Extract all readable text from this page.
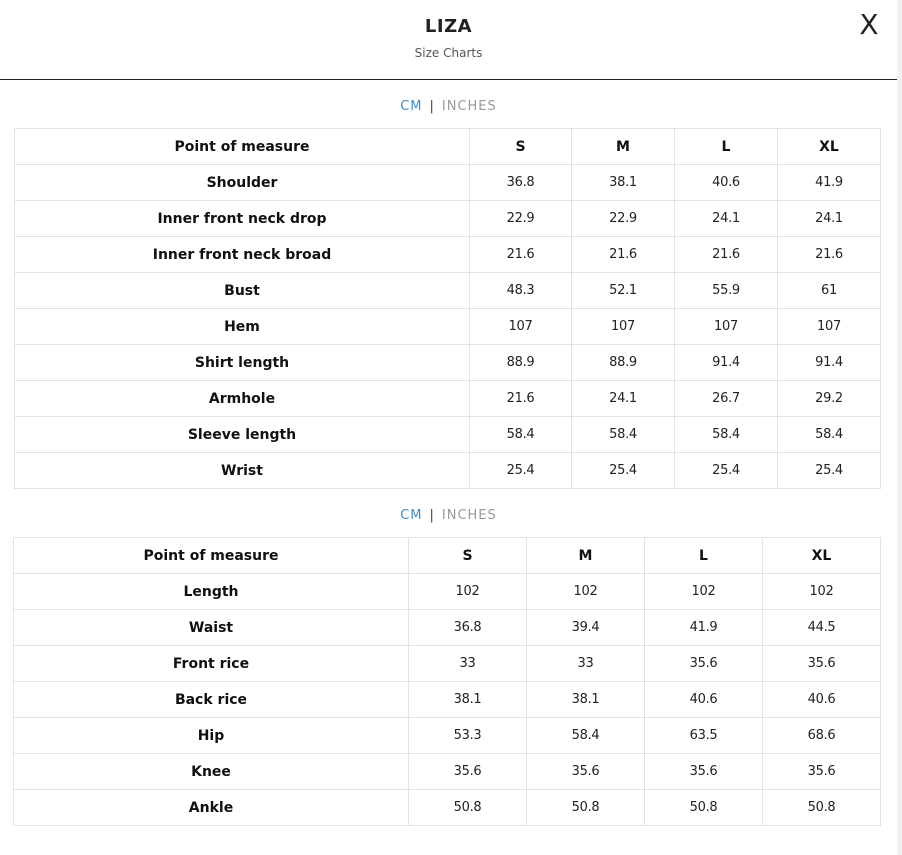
LIZA
Size Charts
X
CM | INCHES
Point of measure	S	M	L	XL
Shoulder	36.8	38.1	40.6	41.9
Inner front neck drop	22.9	22.9	24.1	24.1
Inner front neck broad	21.6	21.6	21.6	21.6
Bust	48.3	52.1	55.9	61
Hem	107	107	107	107
Shirt length	88.9	88.9	91.4	91.4
Armhole	21.6	24.1	26.7	29.2
Sleeve length	58.4	58.4	58.4	58.4
Wrist	25.4	25.4	25.4	25.4
CM | INCHES
Point of measure	S	M	L	XL
Length	102	102	102	102
Waist	36.8	39.4	41.9	44.5
Front rice	33	33	35.6	35.6
Back rice	38.1	38.1	40.6	40.6
Hip	53.3	58.4	63.5	68.6
Knee	35.6	35.6	35.6	35.6
Ankle	50.8	50.8	50.8	50.8
